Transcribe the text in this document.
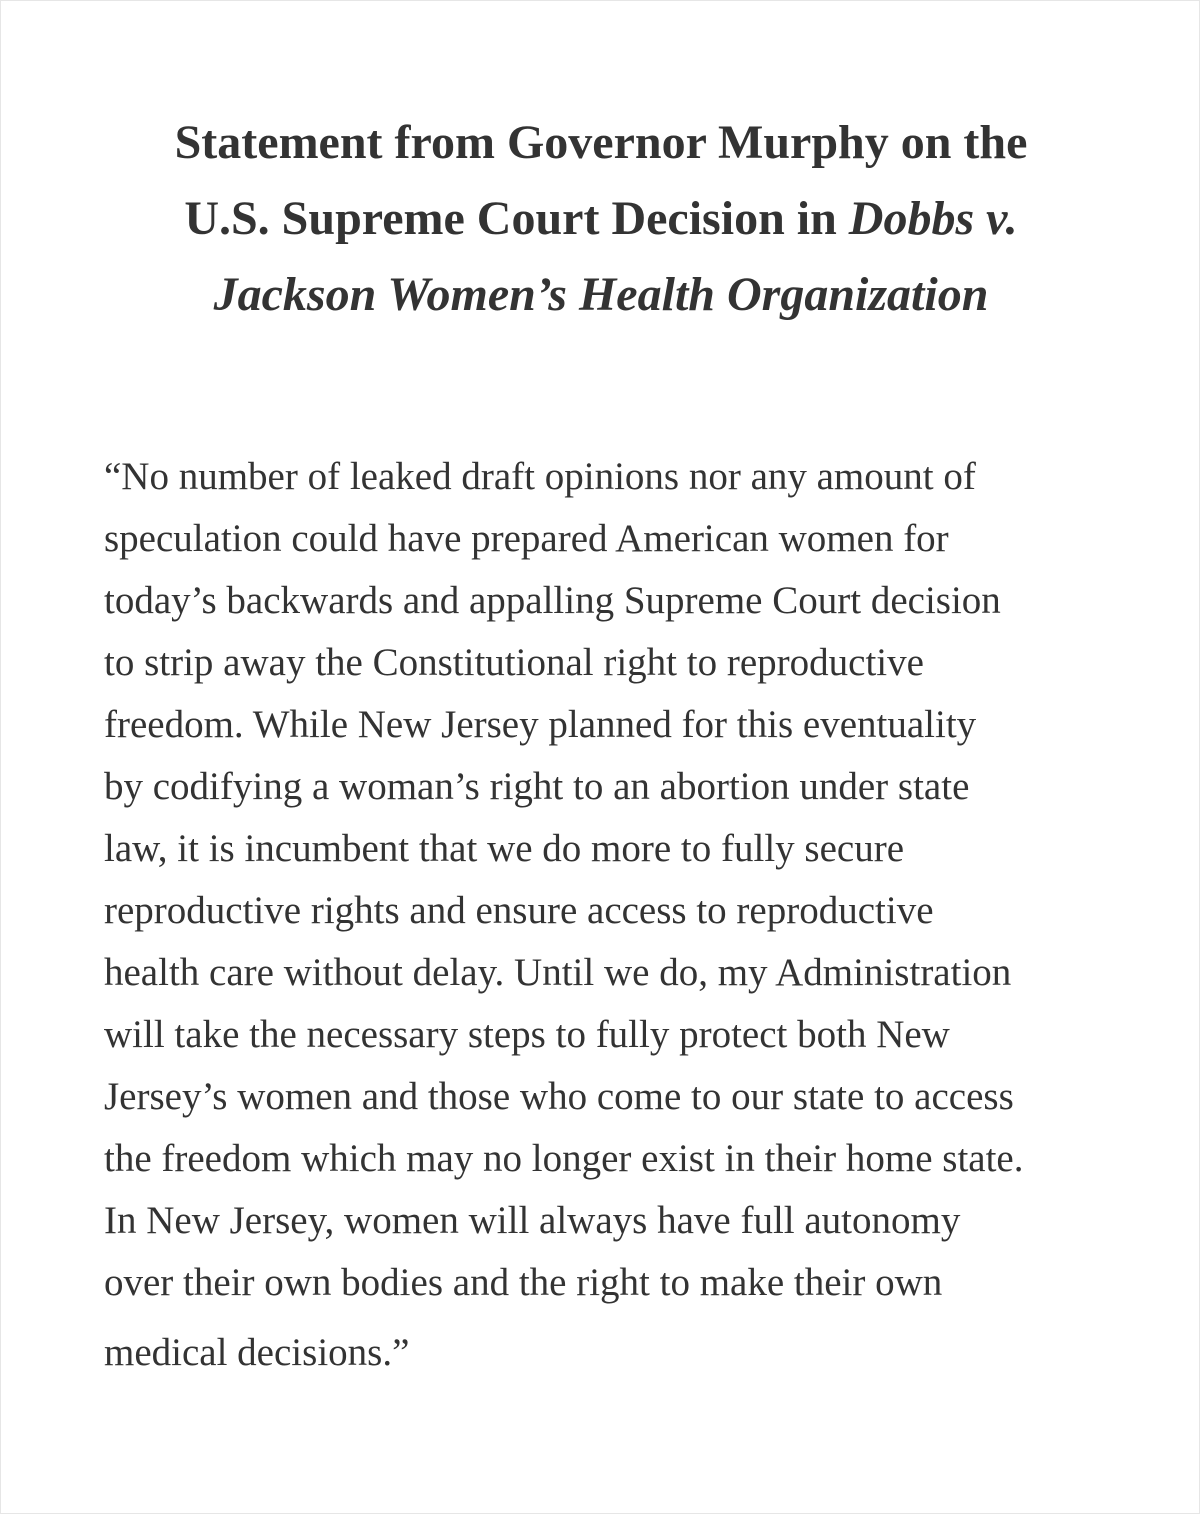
Statement from Governor Murphy on the
U.S. Supreme Court Decision in Dobbs v.
Jackson Women’s Health Organization

“No number of leaked draft opinions nor any amount of
speculation could have prepared American women for
today’s backwards and appalling Supreme Court decision
to strip away the Constitutional right to reproductive
freedom. While New Jersey planned for this eventuality
by codifying a woman’s right to an abortion under state
law, it is incumbent that we do more to fully secure
reproductive rights and ensure access to reproductive
health care without delay. Until we do, my Administration
will take the necessary steps to fully protect both New
Jersey’s women and those who come to our state to access
the freedom which may no longer exist in their home state.
In New Jersey, women will always have full autonomy
over their own bodies and the right to make their own
medical decisions.”
